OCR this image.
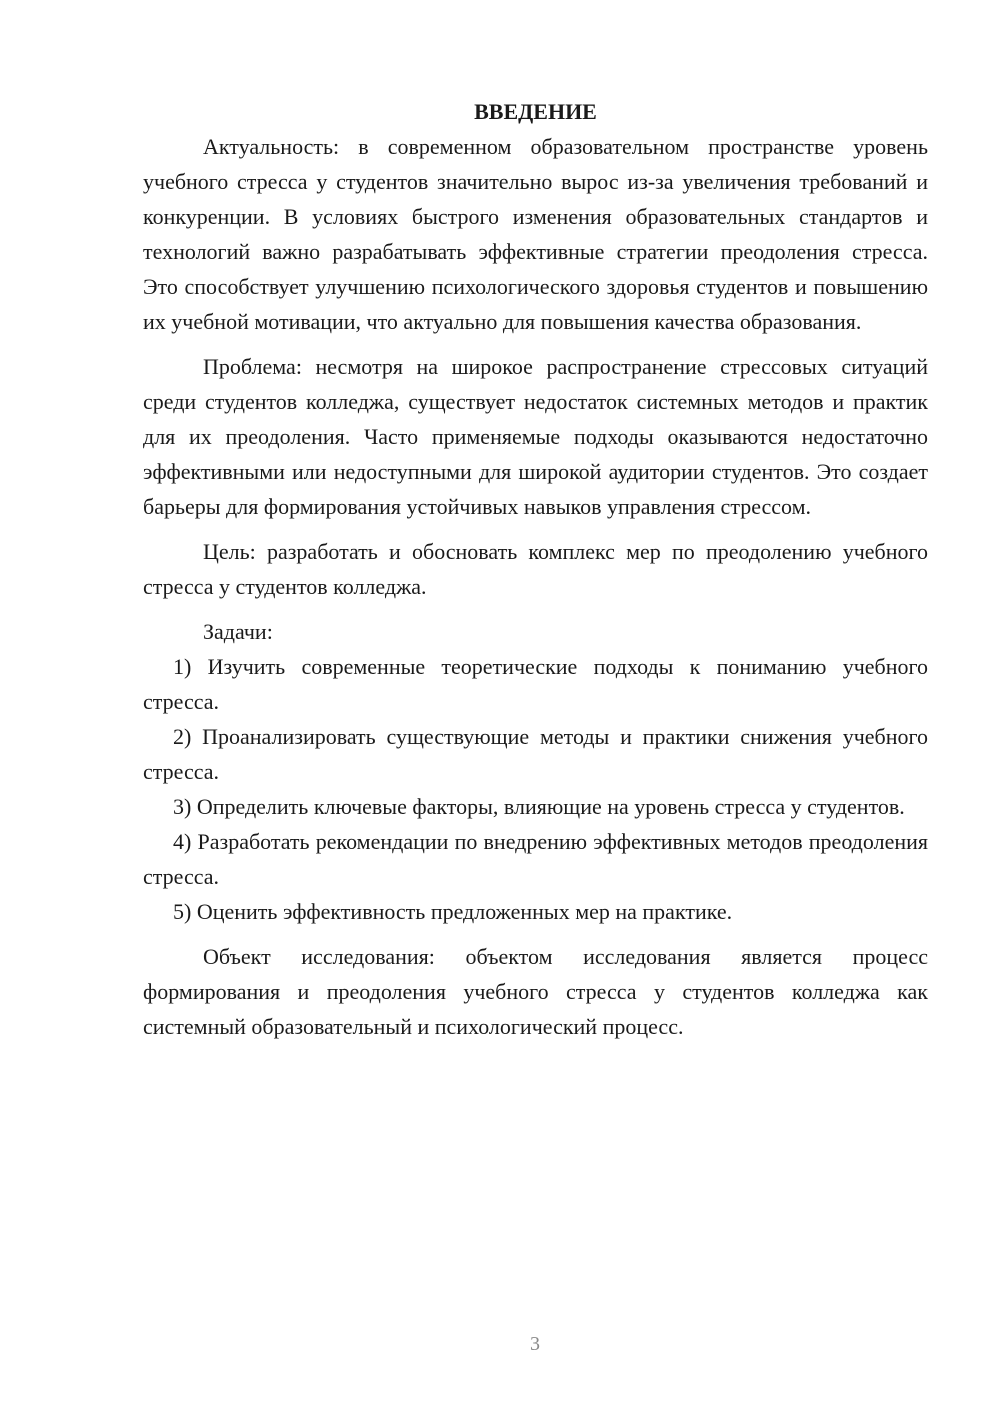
ВВЕДЕНИЕ

Актуальность: в современном образовательном пространстве уровень учебного стресса у студентов значительно вырос из-за увеличения требований и конкуренции. В условиях быстрого изменения образовательных стандартов и технологий важно разрабатывать эффективные стратегии преодоления стресса. Это способствует улучшению психологического здоровья студентов и повышению их учебной мотивации, что актуально для повышения качества образования.

Проблема: несмотря на широкое распространение стрессовых ситуаций среди студентов колледжа, существует недостаток системных методов и практик для их преодоления. Часто применяемые подходы оказываются недостаточно эффективными или недоступными для широкой аудитории студентов. Это создает барьеры для формирования устойчивых навыков управления стрессом.

Цель: разработать и обосновать комплекс мер по преодолению учебного стресса у студентов колледжа.

Задачи:

1) Изучить современные теоретические подходы к пониманию учебного стресса.

2) Проанализировать существующие методы и практики снижения учебного стресса.

3) Определить ключевые факторы, влияющие на уровень стресса у студентов.

4) Разработать рекомендации по внедрению эффективных методов преодоления стресса.

5) Оценить эффективность предложенных мер на практике.

Объект исследования: объектом исследования является процесс формирования и преодоления учебного стресса у студентов колледжа как системный образовательный и психологический процесс.

3
